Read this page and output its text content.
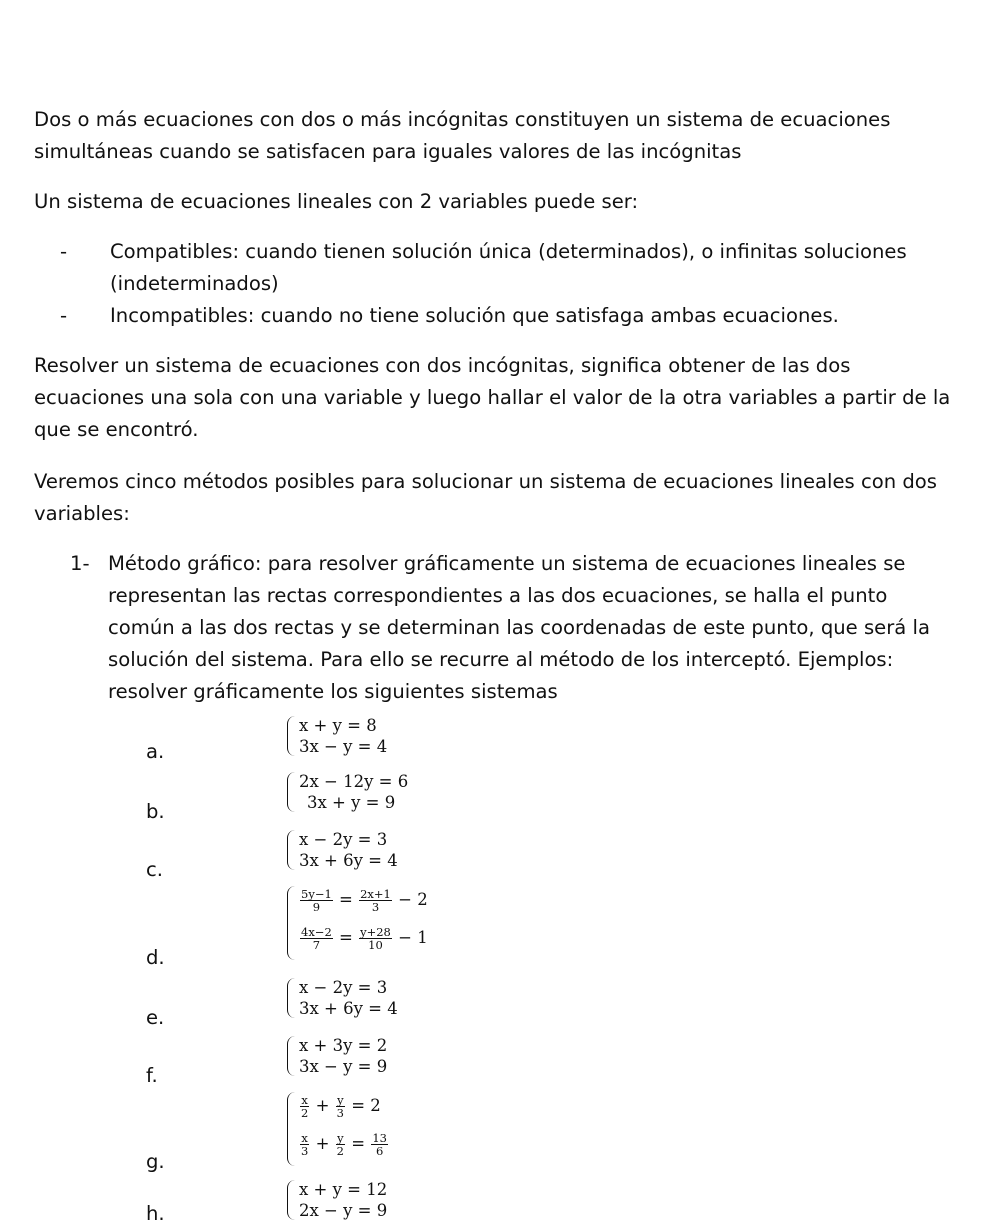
Dos o más ecuaciones con dos o más incógnitas constituyen un sistema de ecuaciones simultáneas cuando se satisfacen para iguales valores de las incógnitas

Un sistema de ecuaciones lineales con 2 variables puede ser:

-	Compatibles: cuando tienen solución única (determinados), o infinitas soluciones (indeterminados)
-	Incompatibles: cuando no tiene solución que satisfaga ambas ecuaciones.

Resolver un sistema de ecuaciones con dos incógnitas, significa obtener de las dos ecuaciones una sola con una variable y luego hallar el valor de la otra variables a partir de la que se encontró.

Veremos cinco métodos posibles para solucionar un sistema de ecuaciones lineales con dos variables:

1- Método gráfico: para resolver gráficamente un sistema de ecuaciones lineales se representan las rectas correspondientes a las dos ecuaciones, se halla el punto común a las dos rectas y se determinan las coordenadas de este punto, que será la solución del sistema. Para ello se recurre al método de los interceptó. Ejemplos: resolver gráficamente los siguientes sistemas
a.
x + y = 8
3x − y = 4
b.
2x − 12y = 6
3x + y = 9
c.
x − 2y = 3
3x + 6y = 4
d.
$\frac{5y-1}{9} = \frac{2x+1}{3} - 2$
$\frac{4x-2}{7} = \frac{y+28}{10} - 1$
e.
x − 2y = 3
3x + 6y = 4
f.
x + 3y = 2
3x − y = 9
g.
$\frac{x}{2} + \frac{y}{3} = 2$
$\frac{x}{3} + \frac{y}{2} = \frac{13}{6}$
h.
x + y = 12
2x − y = 9
